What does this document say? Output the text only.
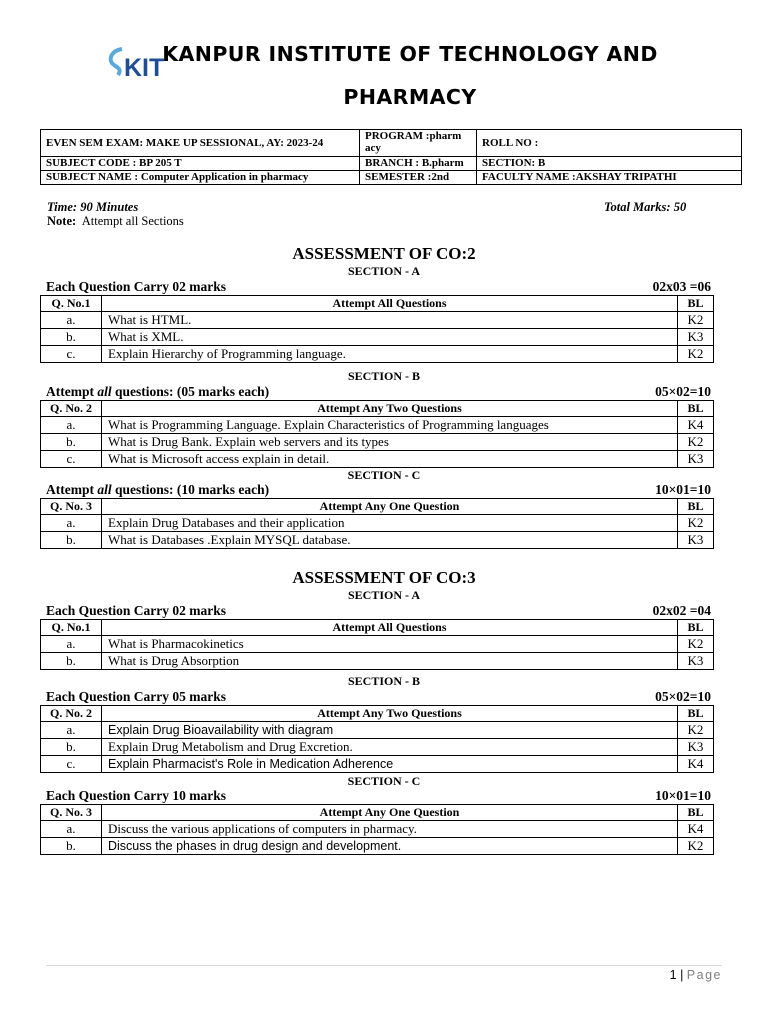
KIT
KANPUR INSTITUTE OF TECHNOLOGY AND
PHARMACY
EVEN SEM EXAM: MAKE UP SESSIONAL, AY: 2023-24	PROGRAM :pharm acy	ROLL NO :
SUBJECT CODE : BP 205 T	BRANCH : B.pharm	SECTION: B
SUBJECT NAME : Computer Application in pharmacy	SEMESTER :2nd	FACULTY NAME :AKSHAY TRIPATHI
Time: 90 Minutes	Total Marks: 50
Note: Attempt all Sections
ASSESSMENT OF CO:2
SECTION - A
Each Question Carry 02 marks	02x03 =06
Q. No.1	Attempt All Questions	BL
a.	What is HTML.	K2
b.	What is XML.	K3
c.	Explain Hierarchy of Programming language.	K2
SECTION - B
Attempt all questions: (05 marks each)	05×02=10
Q. No. 2	Attempt Any Two Questions	BL
a.	What is Programming Language. Explain Characteristics of Programming languages	K4
b.	What is Drug Bank. Explain web servers and its types	K2
c.	What is Microsoft access explain in detail.	K3
SECTION - C
Attempt all questions: (10 marks each)	10×01=10
Q. No. 3	Attempt Any One Question	BL
a.	Explain Drug Databases and their application	K2
b.	What is Databases .Explain MYSQL database.	K3
ASSESSMENT OF CO:3
SECTION - A
Each Question Carry 02 marks	02x02 =04
Q. No.1	Attempt All Questions	BL
a.	What is Pharmacokinetics	K2
b.	What is Drug Absorption	K3
SECTION - B
Each Question Carry 05 marks	05×02=10
Q. No. 2	Attempt Any Two Questions	BL
a.	Explain Drug Bioavailability with diagram	K2
b.	Explain Drug Metabolism and Drug Excretion.	K3
c.	Explain Pharmacist's Role in Medication Adherence	K4
SECTION - C
Each Question Carry 10 marks	10×01=10
Q. No. 3	Attempt Any One Question	BL
a.	Discuss the various applications of computers in pharmacy.	K4
b.	Discuss the phases in drug design and development.	K2
1 | Page
